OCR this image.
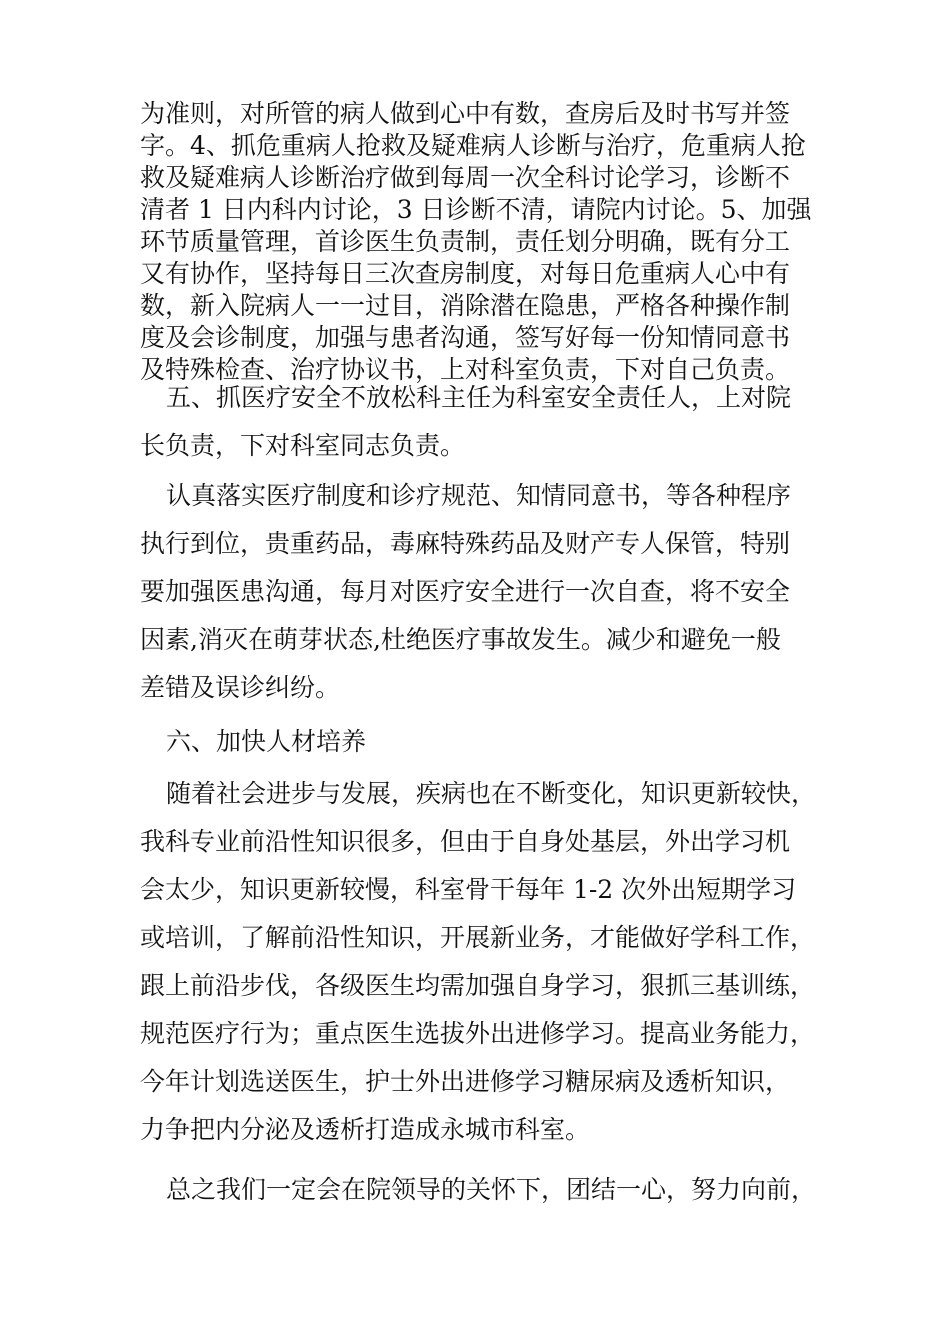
为准则，对所管的病人做到心中有数，查房后及时书写并签
字。4、抓危重病人抢救及疑难病人诊断与治疗，危重病人抢
救及疑难病人诊断治疗做到每周一次全科讨论学习，诊断不
清者 1 日内科内讨论，3 日诊断不清，请院内讨论。5、加强
环节质量管理，首诊医生负责制，责任划分明确，既有分工
又有协作，坚持每日三次查房制度，对每日危重病人心中有
数，新入院病人一一过目，消除潜在隐患，严格各种操作制
度及会诊制度，加强与患者沟通，签写好每一份知情同意书
及特殊检查、治疗协议书，上对科室负责，下对自己负责。
五、抓医疗安全不放松科主任为科室安全责任人，上对院
长负责，下对科室同志负责。
认真落实医疗制度和诊疗规范、知情同意书，等各种程序
执行到位，贵重药品，毒麻特殊药品及财产专人保管，特别
要加强医患沟通，每月对医疗安全进行一次自查，将不安全
因素,消灭在萌芽状态,杜绝医疗事故发生。减少和避免一般
差错及误诊纠纷。
六、加快人材培养
随着社会进步与发展，疾病也在不断变化，知识更新较快，
我科专业前沿性知识很多，但由于自身处基层，外出学习机
会太少，知识更新较慢，科室骨干每年 1-2 次外出短期学习
或培训，了解前沿性知识，开展新业务，才能做好学科工作，
跟上前沿步伐，各级医生均需加强自身学习，狠抓三基训练，
规范医疗行为；重点医生选拔外出进修学习。提高业务能力，
今年计划选送医生，护士外出进修学习糖尿病及透析知识，
力争把内分泌及透析打造成永城市科室。
总之我们一定会在院领导的关怀下，团结一心，努力向前，
